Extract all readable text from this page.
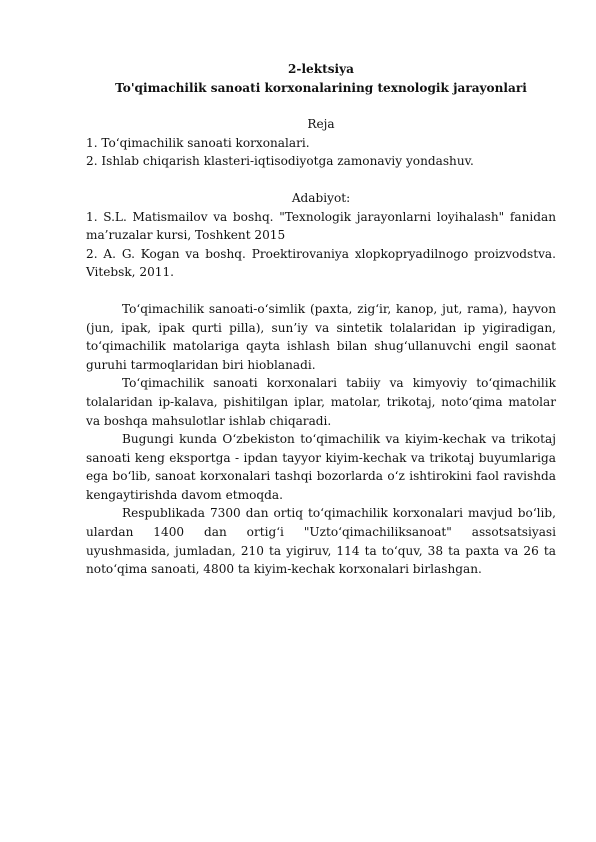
2-lektsiya

To'qimachilik sanoati korxonalarining texnologik jarayonlari

Reja

1. To‘qimachilik sanoati korxonalari.

2. Ishlab chiqarish klasteri-iqtisodiyotga zamonaviy yondashuv.

Adabiyot:

1. S.L. Matismailov va boshq. "Texnologik jarayonlarni loyihalash" fanidan ma’ruzalar kursi, Toshkent 2015

2. A. G. Kogan va boshq. Proektirovaniya xlopkopryadilnogo proizvodstva. Vitebsk, 2011.

To‘qimachilik sanoati-o‘simlik (paxta, zig‘ir, kanop, jut, rama), hayvon (jun, ipak, ipak qurti pilla), sun’iy va sintetik tolalaridan ip yigiradigan, to‘qimachilik matolariga qayta ishlash bilan shug‘ullanuvchi engil saonat guruhi tarmoqlaridan biri hioblanadi.

To‘qimachilik sanoati korxonalari tabiiy va kimyoviy to‘qimachilik tolalaridan ip-kalava, pishitilgan iplar, matolar, trikotaj, noto‘qima matolar va boshqa mahsulotlar ishlab chiqaradi.

Bugungi kunda O‘zbekiston to‘qimachilik va kiyim-kechak va trikotaj sanoati keng eksportga - ipdan tayyor kiyim-kechak va trikotaj buyumlariga ega bo‘lib, sanoat korxonalari tashqi bozorlarda o‘z ishtirokini faol ravishda kengaytirishda davom etmoqda.

Respublikada 7300 dan ortiq to‘qimachilik korxonalari mavjud bo‘lib, ulardan 1400 dan ortig‘i "Uzto‘qimachiliksanoat" assotsatsiyasi uyushmasida, jumladan, 210 ta yigiruv, 114 ta to‘quv, 38 ta paxta va 26 ta noto‘qima sanoati, 4800 ta kiyim-kechak korxonalari birlashgan.
